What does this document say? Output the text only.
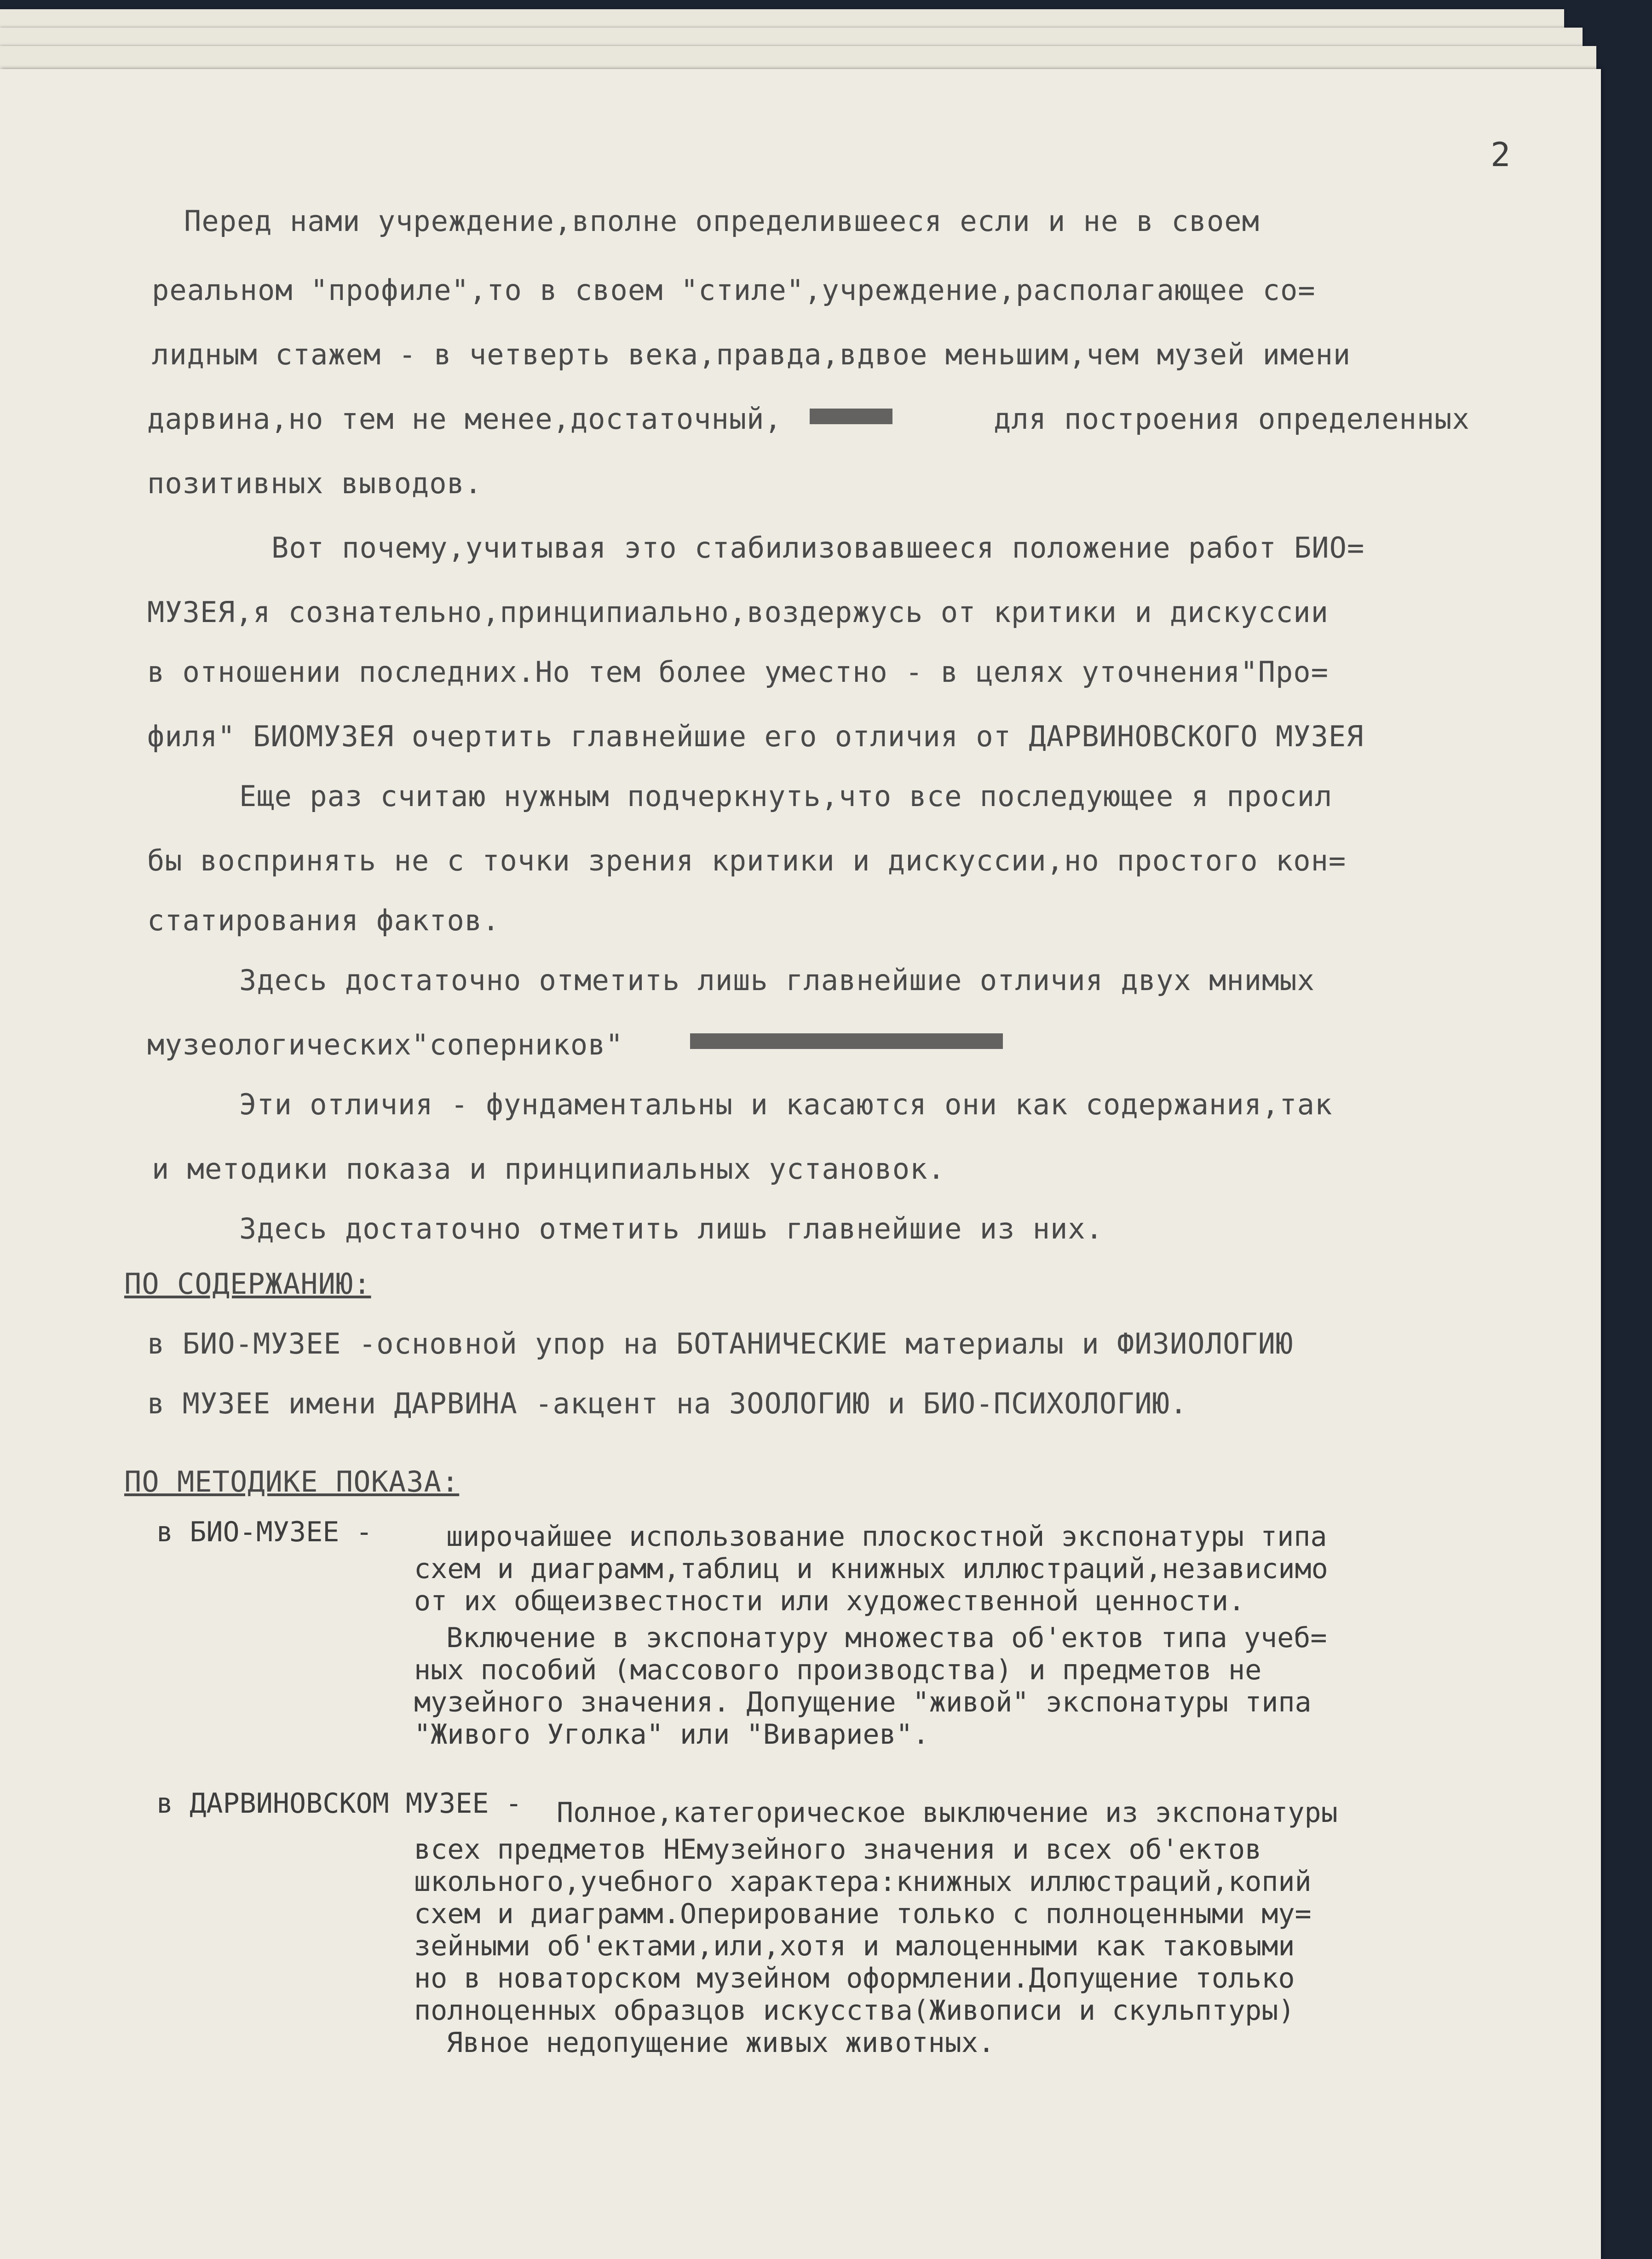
2
Перед нами учреждение,вполне определившееся если и не в своем
реальном "профиле",то в своем "стиле",учреждение,располагающее со=
лидным стажем - в четверть века,правда,вдвое меньшим,чем музей имени
дарвина,но тем не менее,достаточный,	для построения определенных
позитивных выводов.
Вот почему,учитывая это стабилизовавшееся положение работ БИО=
МУЗЕЯ,я сознательно,принципиально,воздержусь от критики и дискуссии
в отношении последних.Но тем более уместно - в целях уточнения"Про=
филя" БИОМУЗЕЯ очертить главнейшие его отличия от ДАРВИНОВСКОГО МУЗЕЯ
Еще раз считаю нужным подчеркнуть,что все последующее я просил
бы воспринять не с точки зрения критики и дискуссии,но простого кон=
статирования фактов.
Здесь достаточно отметить лишь главнейшие отличия двух мнимых
музеологических"соперников"
Эти отличия - фундаментальны и касаются они как содержания,так
и методики показа и принципиальных установок.
Здесь достаточно отметить лишь главнейшие из них.
ПО СОДЕРЖАНИЮ:
в БИО-МУЗЕЕ -основной упор на БОТАНИЧЕСКИЕ материалы и ФИЗИОЛОГИЮ
в МУЗЕЕ имени ДАРВИНА -акцент на ЗООЛОГИЮ и БИО-ПСИХОЛОГИЮ.
ПО МЕТОДИКЕ ПОКАЗА:
в БИО-МУЗЕЕ -	широчайшее использование плоскостной экспонатуры типа
схем и диаграмм,таблиц и книжных иллюстраций,независимо
от их общеизвестности или художественной ценности.
Включение в экспонатуру множества об'ектов типа учеб=
ных пособий (массового производства) и предметов не
музейного значения. Допущение "живой" экспонатуры типа
"Живого Уголка" или "Вивариев".
в ДАРВИНОВСКОМ МУЗЕЕ - Полное,категорическое выключение из экспонатуры
всех предметов НЕмузейного значения и всех об'ектов
школьного,учебного характера:книжных иллюстраций,копий
схем и диаграмм.Оперирование только с полноценными му=
зейными об'ектами,или,хотя и малоценными как таковыми
но в новаторском музейном оформлении.Допущение только
полноценных образцов искусства(Живописи и скульптуры)
Явное недопущение живых животных.
